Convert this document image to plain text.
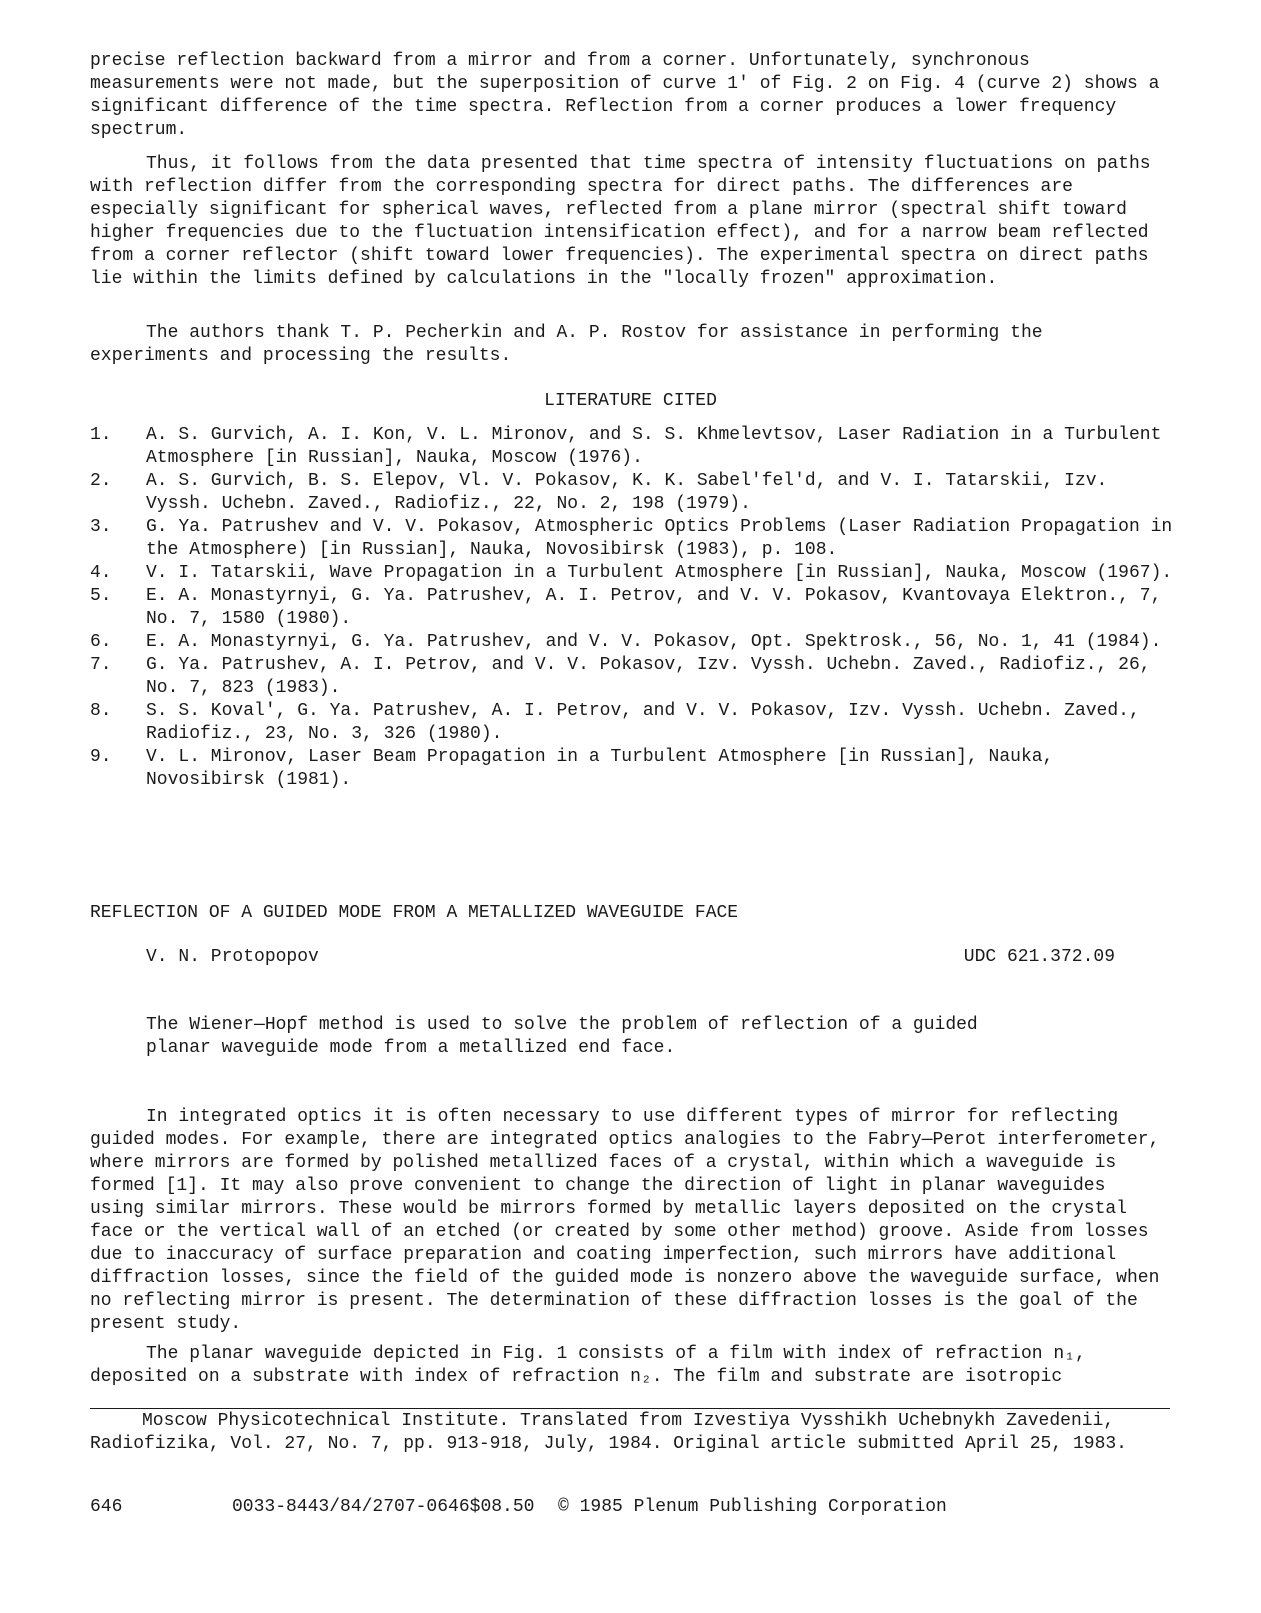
precise reflection backward from a mirror and from a corner. Unfortunately, synchronous measurements were not made, but the superposition of curve 1' of Fig. 2 on Fig. 4 (curve 2) shows a significant difference of the time spectra. Reflection from a corner produces a lower frequency spectrum.

Thus, it follows from the data presented that time spectra of intensity fluctuations on paths with reflection differ from the corresponding spectra for direct paths. The differences are especially significant for spherical waves, reflected from a plane mirror (spectral shift toward higher frequencies due to the fluctuation intensification effect), and for a narrow beam reflected from a corner reflector (shift toward lower frequencies). The experimental spectra on direct paths lie within the limits defined by calculations in the "locally frozen" approximation.

The authors thank T. P. Pecherkin and A. P. Rostov for assistance in performing the experiments and processing the results.

LITERATURE CITED
1. A. S. Gurvich, A. I. Kon, V. L. Mironov, and S. S. Khmelevtsov, Laser Radiation in a Turbulent Atmosphere [in Russian], Nauka, Moscow (1976).
2. A. S. Gurvich, B. S. Elepov, Vl. V. Pokasov, K. K. Sabel'fel'd, and V. I. Tatarskii, Izv. Vyssh. Uchebn. Zaved., Radiofiz., 22, No. 2, 198 (1979).
3. G. Ya. Patrushev and V. V. Pokasov, Atmospheric Optics Problems (Laser Radiation Propagation in the Atmosphere) [in Russian], Nauka, Novosibirsk (1983), p. 108.
4. V. I. Tatarskii, Wave Propagation in a Turbulent Atmosphere [in Russian], Nauka, Moscow (1967).
5. E. A. Monastyrnyi, G. Ya. Patrushev, A. I. Petrov, and V. V. Pokasov, Kvantovaya Elektron., 7, No. 7, 1580 (1980).
6. E. A. Monastyrnyi, G. Ya. Patrushev, and V. V. Pokasov, Opt. Spektrosk., 56, No. 1, 41 (1984).
7. G. Ya. Patrushev, A. I. Petrov, and V. V. Pokasov, Izv. Vyssh. Uchebn. Zaved., Radiofiz., 26, No. 7, 823 (1983).
8. S. S. Koval', G. Ya. Patrushev, A. I. Petrov, and V. V. Pokasov, Izv. Vyssh. Uchebn. Zaved., Radiofiz., 23, No. 3, 326 (1980).
9. V. L. Mironov, Laser Beam Propagation in a Turbulent Atmosphere [in Russian], Nauka, Novosibirsk (1981).
REFLECTION OF A GUIDED MODE FROM A METALLIZED WAVEGUIDE FACE
V. N. Protopopov	UDC 621.372.09

The Wiener—Hopf method is used to solve the problem of reflection of a guided planar waveguide mode from a metallized end face.

In integrated optics it is often necessary to use different types of mirror for reflecting guided modes. For example, there are integrated optics analogies to the Fabry—Perot interferometer, where mirrors are formed by polished metallized faces of a crystal, within which a waveguide is formed [1]. It may also prove convenient to change the direction of light in planar waveguides using similar mirrors. These would be mirrors formed by metallic layers deposited on the crystal face or the vertical wall of an etched (or created by some other method) groove. Aside from losses due to inaccuracy of surface preparation and coating imperfection, such mirrors have additional diffraction losses, since the field of the guided mode is nonzero above the waveguide surface, when no reflecting mirror is present. The determination of these diffraction losses is the goal of the present study.

The planar waveguide depicted in Fig. 1 consists of a film with index of refraction n₁, deposited on a substrate with index of refraction n₂. The film and substrate are isotropic

Moscow Physicotechnical Institute. Translated from Izvestiya Vysshikh Uchebnykh Zavedenii, Radiofizika, Vol. 27, No. 7, pp. 913-918, July, 1984. Original article submitted April 25, 1983.

646	0033-8443/84/2707-0646$08.50 © 1985 Plenum Publishing Corporation
